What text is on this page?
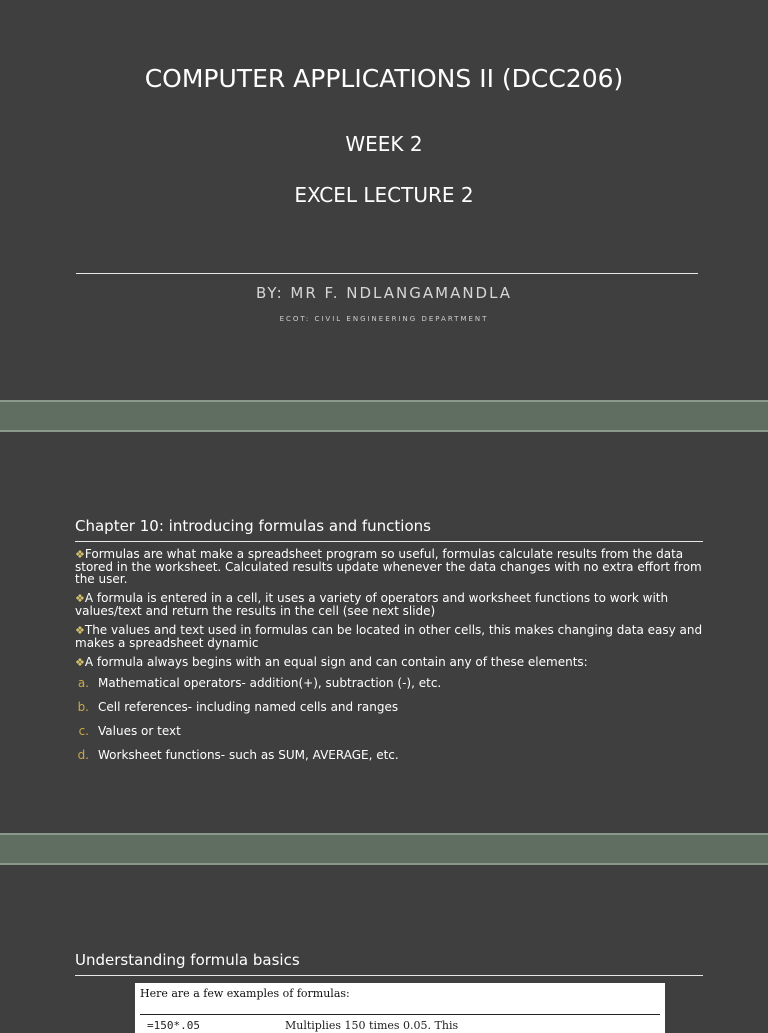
COMPUTER APPLICATIONS II (DCC206)
WEEK 2
EXCEL LECTURE 2
BY: MR F. NDLANGAMANDLA
ECOT: CIVIL ENGINEERING DEPARTMENT
Chapter 10: introducing formulas and functions
❖Formulas are what make a spreadsheet program so useful, formulas calculate results from the data stored in the worksheet. Calculated results update whenever the data changes with no extra effort from the user.
❖A formula is entered in a cell, it uses a variety of operators and worksheet functions to work with values/text and return the results in the cell (see next slide)
❖The values and text used in formulas can be located in other cells, this makes changing data easy and makes a spreadsheet dynamic
❖A formula always begins with an equal sign and can contain any of these elements:
a. Mathematical operators- addition(+), subtraction (-), etc.
b. Cell references- including named cells and ranges
c. Values or text
d. Worksheet functions- such as SUM, AVERAGE, etc.
Understanding formula basics
Here are a few examples of formulas:
=150*.05	Multiplies 150 times 0.05. This
